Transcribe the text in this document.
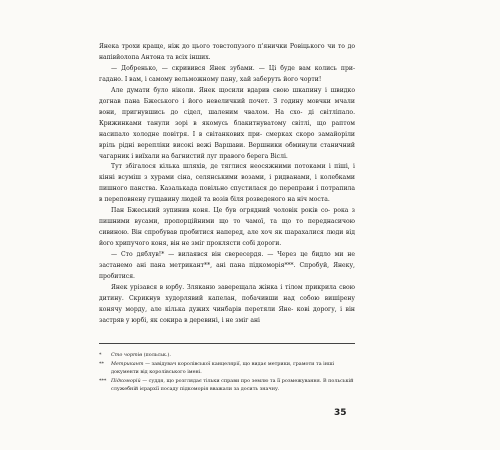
Янека трохи краще, ніж до цього товстопузого п'янички Ровіцького чи то до напівйолопа Антона та всіх інших.

— Добренько, — скривився Янек зубами. — Ці буде вам колись при- гадано. І вам, і самому вельможному пану, хай заберуть його чорти!

Але думати було ніколи. Янек щосили вдарив свою шкапину і швидко догнав пана Бжеського і його невеличкий почет. З годину мовчки мчали вони, пригнувшись до сідел, шаленим чвалом. На схо- ді світліпало. Крижинками танули зорі в якомусь блакитнуватому світлі, що раптом насипало холодне повітря. І в світанкових при- смерках скоро замайоріли вріль рідні верепліки високі вежі Варшави. Вершники обминули станичний чагарник і виїхали на багнистий луг правого берега Віслі.

Тут збігалося кілька шляхів, де тяглися неосяжними потоками і піші, і кінні всуміш з хурами сіна, селянськими возами, і ридванами, і колебками пишного панства. Казалькада повільно спустилася до переправи і потрапила в переповнену гущавину людей та возів біля розведеного на ніч моста.

Пан Бжеський зупинив коня. Це був огрядний чоловік років со- рока з пишними вусами, пропорційними що то чамої, та що то переднасичою сивиною. Він спробував пробитися наперед, але хоч як шарахалися люди від його хрипучого коня, він не зміг проклясти собі дороги.

— Сто дяблув!* — вилаявся він свересердя. — Через це бидло ми не застанемо ані пана метрикант**, ані пана підкоморія***. Спробуй, Янеку, пробитися.

Янек урізався в юрбу. Зляканю заверещала жінка і тілом прикрила свою дитину. Скрикнув худорлявий капелан, побачивши над собою вишірену конячу морду, але кілька дужих чинбарів перетяли Яне- кові дорогу, і він застряв у юрбі, як сокира в деревині, і не зміг ані

*	Сто чортів (польськ.).
**	Метрикант — завідувач королівської канцелярії, що видає метрики, грамоти та інші документи від королівського імені.
*** Підкоморій — суддя, що розглядає тільки справи про землю та її розмежування. В польській служебній ієрархії посаду підкоморія вважали за досить значну.
35
